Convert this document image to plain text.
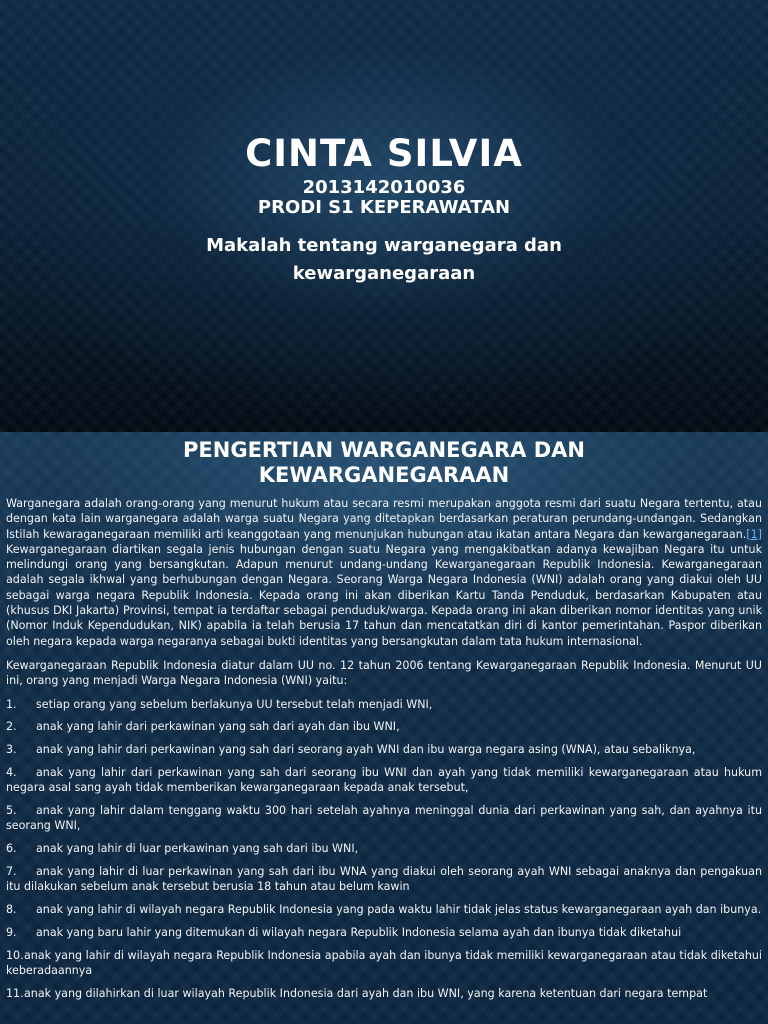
CINTA SILVIA
2013142010036
PRODI S1 KEPERAWATAN
Makalah tentang warganegara dan
kewarganegaraan
PENGERTIAN WARGANEGARA DAN
KEWARGANEGARAAN

Warganegara adalah orang-orang yang menurut hukum atau secara resmi merupakan anggota resmi dari suatu Negara tertentu, atau dengan kata lain warganegara adalah warga suatu Negara yang ditetapkan berdasarkan peraturan perundang-undangan. Sedangkan Istilah kewaraganegaraan memiliki arti keanggotaan yang menunjukan hubungan atau ikatan antara Negara dan kewarganegaraan.[1] Kewarganegaraan diartikan segala jenis hubungan dengan suatu Negara yang mengakibatkan adanya kewajiban Negara itu untuk melindungi orang yang bersangkutan. Adapun menurut undang-undang Kewarganegaraan Republik Indonesia. Kewarganegaraan adalah segala ikhwal yang berhubungan dengan Negara. Seorang Warga Negara Indonesia (WNI) adalah orang yang diakui oleh UU sebagai warga negara Republik Indonesia. Kepada orang ini akan diberikan Kartu Tanda Penduduk, berdasarkan Kabupaten atau (khusus DKI Jakarta) Provinsi, tempat ia terdaftar sebagai penduduk/warga. Kepada orang ini akan diberikan nomor identitas yang unik (Nomor Induk Kependudukan, NIK) apabila ia telah berusia 17 tahun dan mencatatkan diri di kantor pemerintahan. Paspor diberikan oleh negara kepada warga negaranya sebagai bukti identitas yang bersangkutan dalam tata hukum internasional.

Kewarganegaraan Republik Indonesia diatur dalam UU no. 12 tahun 2006 tentang Kewarganegaraan Republik Indonesia. Menurut UU ini, orang yang menjadi Warga Negara Indonesia (WNI) yaitu:

1. setiap orang yang sebelum berlakunya UU tersebut telah menjadi WNI,

2. anak yang lahir dari perkawinan yang sah dari ayah dan ibu WNI,

3. anak yang lahir dari perkawinan yang sah dari seorang ayah WNI dan ibu warga negara asing (WNA), atau sebaliknya,

4. anak yang lahir dari perkawinan yang sah dari seorang ibu WNI dan ayah yang tidak memiliki kewarganegaraan atau hukum negara asal sang ayah tidak memberikan kewarganegaraan kepada anak tersebut,

5. anak yang lahir dalam tenggang waktu 300 hari setelah ayahnya meninggal dunia dari perkawinan yang sah, dan ayahnya itu seorang WNI,

6. anak yang lahir di luar perkawinan yang sah dari ibu WNI,

7. anak yang lahir di luar perkawinan yang sah dari ibu WNA yang diakui oleh seorang ayah WNI sebagai anaknya dan pengakuan itu dilakukan sebelum anak tersebut berusia 18 tahun atau belum kawin

8. anak yang lahir di wilayah negara Republik Indonesia yang pada waktu lahir tidak jelas status kewarganegaraan ayah dan ibunya.

9. anak yang baru lahir yang ditemukan di wilayah negara Republik Indonesia selama ayah dan ibunya tidak diketahui

10.anak yang lahir di wilayah negara Republik Indonesia apabila ayah dan ibunya tidak memiliki kewarganegaraan atau tidak diketahui keberadaannya

11.anak yang dilahirkan di luar wilayah Republik Indonesia dari ayah dan ibu WNI, yang karena ketentuan dari negara tempat
